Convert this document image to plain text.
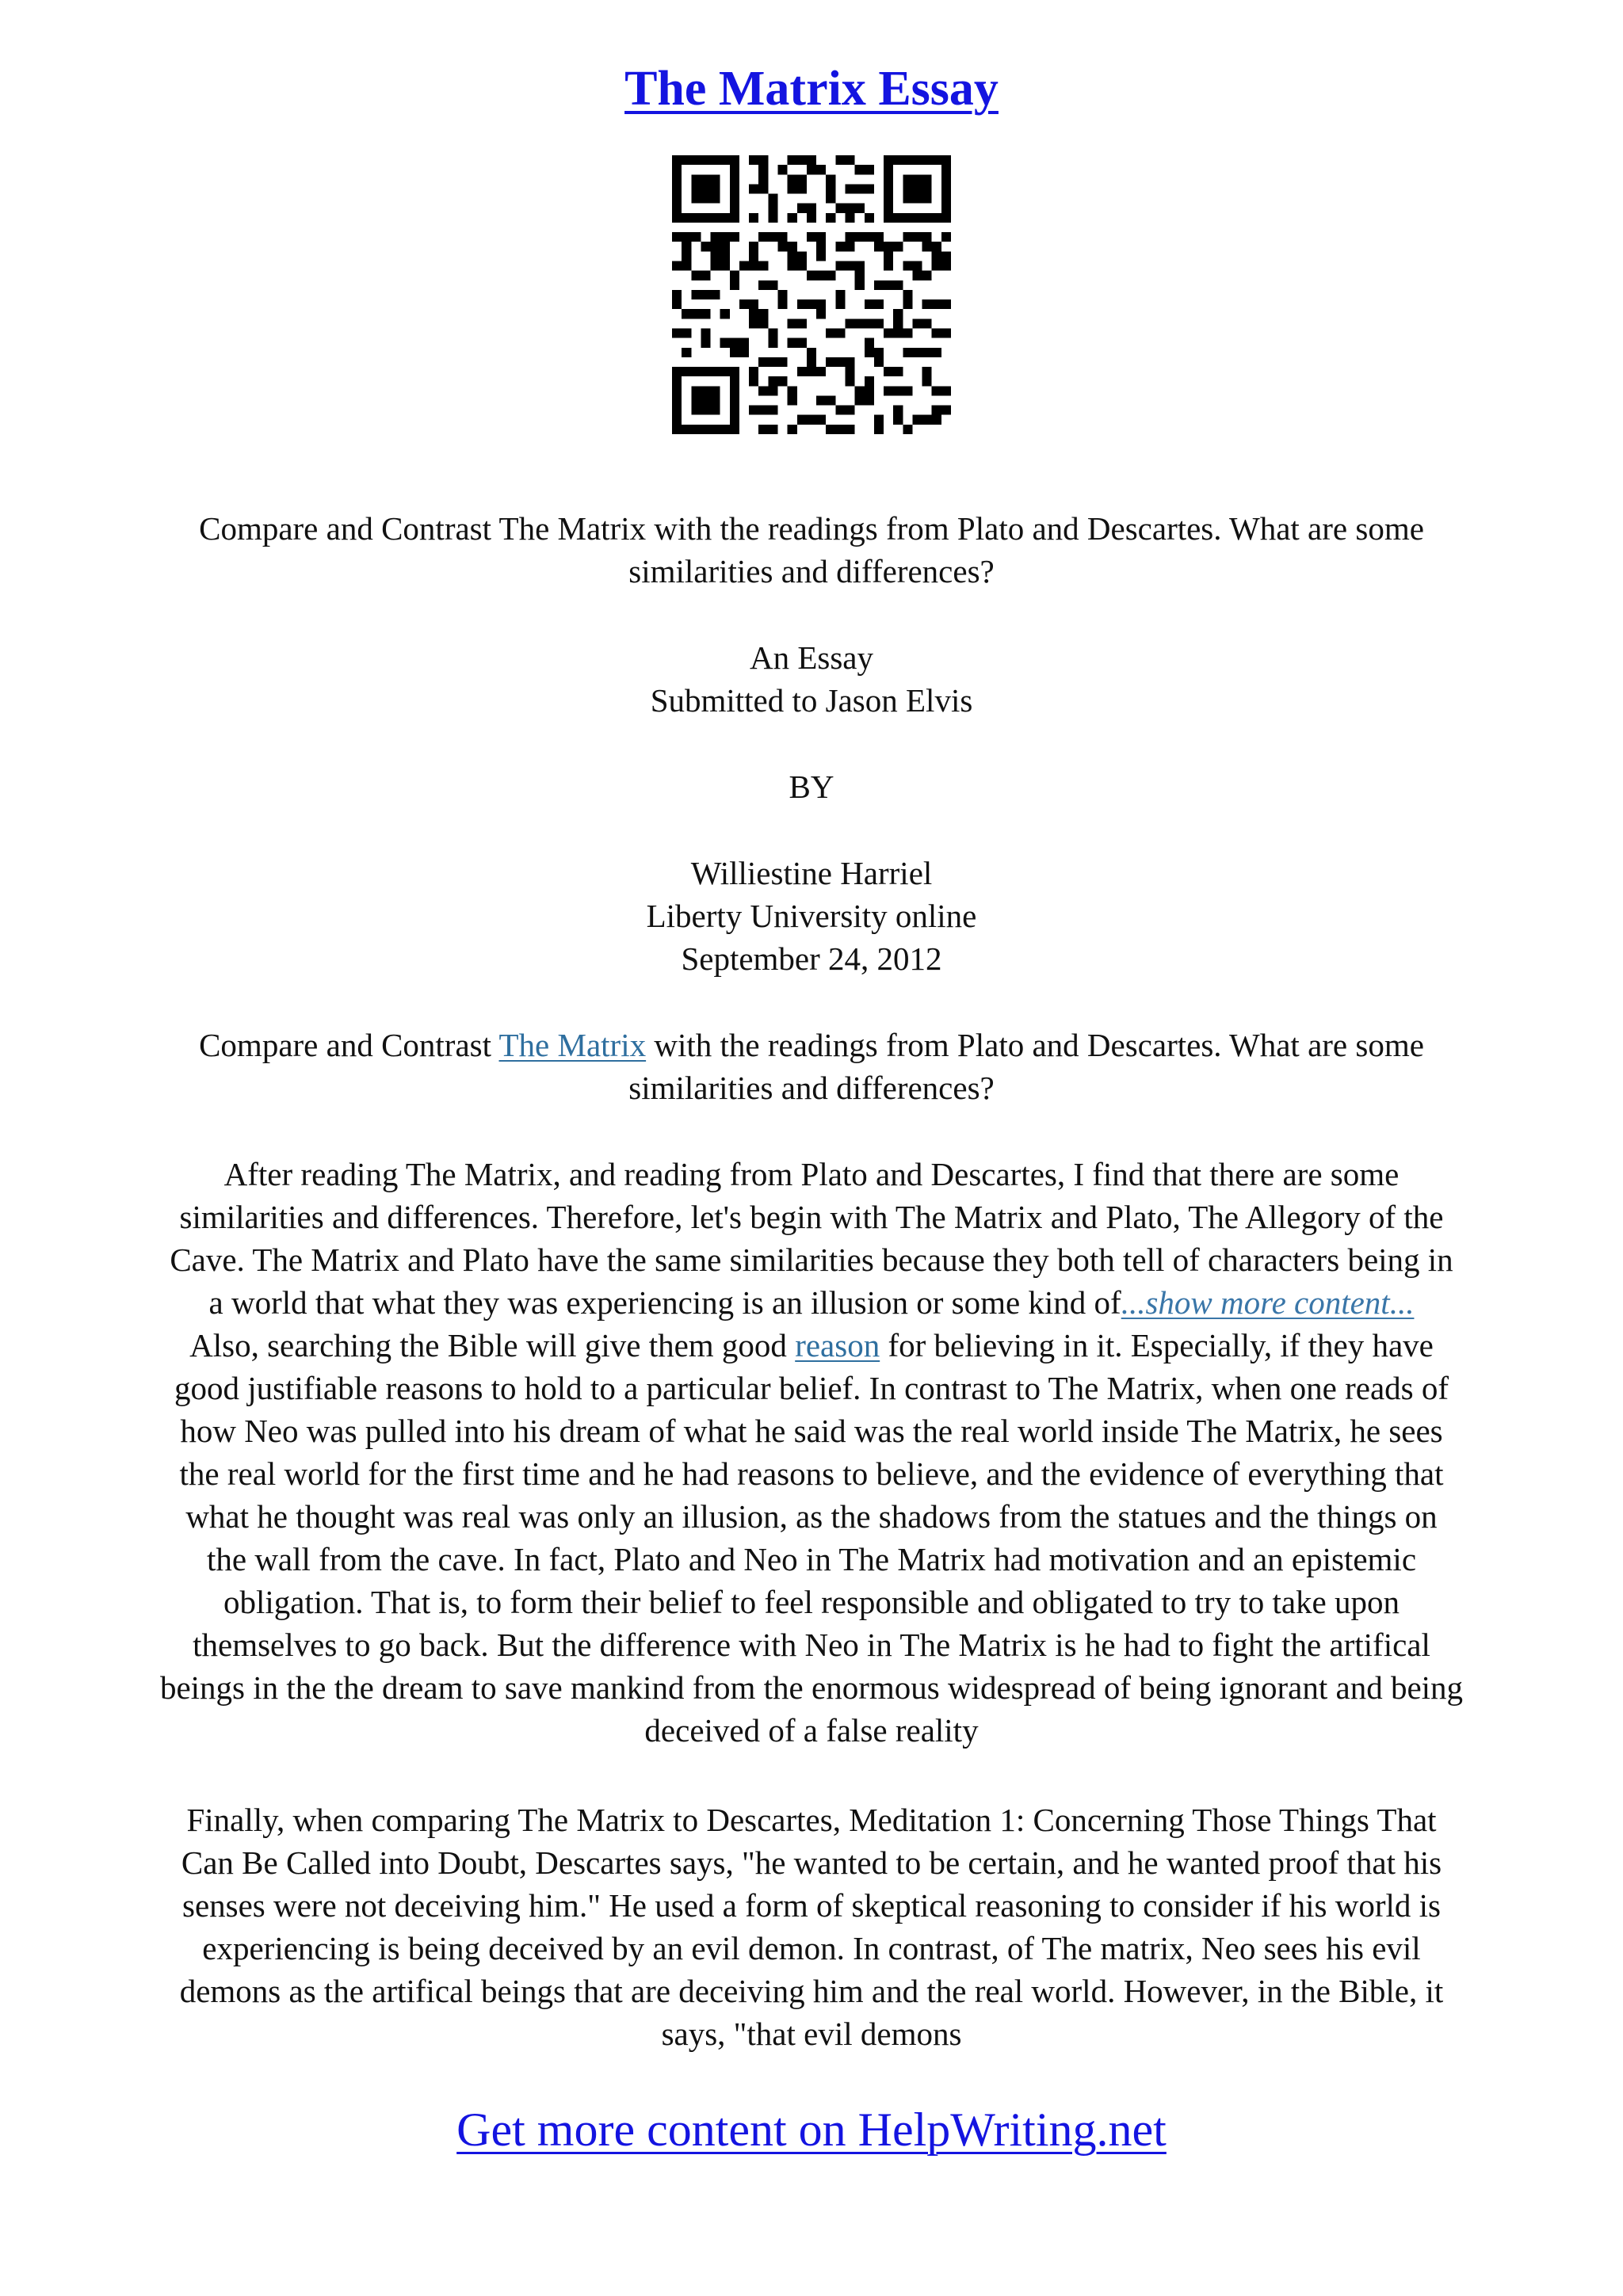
The Matrix Essay
Compare and Contrast The Matrix with the readings from Plato and Descartes. What are some
similarities and differences?
An Essay
Submitted to Jason Elvis
BY
Williestine Harriel
Liberty University online
September 24, 2012
Compare and Contrast The Matrix with the readings from Plato and Descartes. What are some
similarities and differences?
After reading The Matrix, and reading from Plato and Descartes, I find that there are some
similarities and differences. Therefore, let's begin with The Matrix and Plato, The Allegory of the
Cave. The Matrix and Plato have the same similarities because they both tell of characters being in
a world that what they was experiencing is an illusion or some kind of...show more content...
Also, searching the Bible will give them good reason for believing in it. Especially, if they have
good justifiable reasons to hold to a particular belief. In contrast to The Matrix, when one reads of
how Neo was pulled into his dream of what he said was the real world inside The Matrix, he sees
the real world for the first time and he had reasons to believe, and the evidence of everything that
what he thought was real was only an illusion, as the shadows from the statues and the things on
the wall from the cave. In fact, Plato and Neo in The Matrix had motivation and an epistemic
obligation. That is, to form their belief to feel responsible and obligated to try to take upon
themselves to go back. But the difference with Neo in The Matrix is he had to fight the artifical
beings in the the dream to save mankind from the enormous widespread of being ignorant and being
deceived of a false reality
Finally, when comparing The Matrix to Descartes, Meditation 1: Concerning Those Things That
Can Be Called into Doubt, Descartes says, "he wanted to be certain, and he wanted proof that his
senses were not deceiving him." He used a form of skeptical reasoning to consider if his world is
experiencing is being deceived by an evil demon. In contrast, of The matrix, Neo sees his evil
demons as the artifical beings that are deceiving him and the real world. However, in the Bible, it
says, "that evil demons
Get more content on HelpWriting.net
